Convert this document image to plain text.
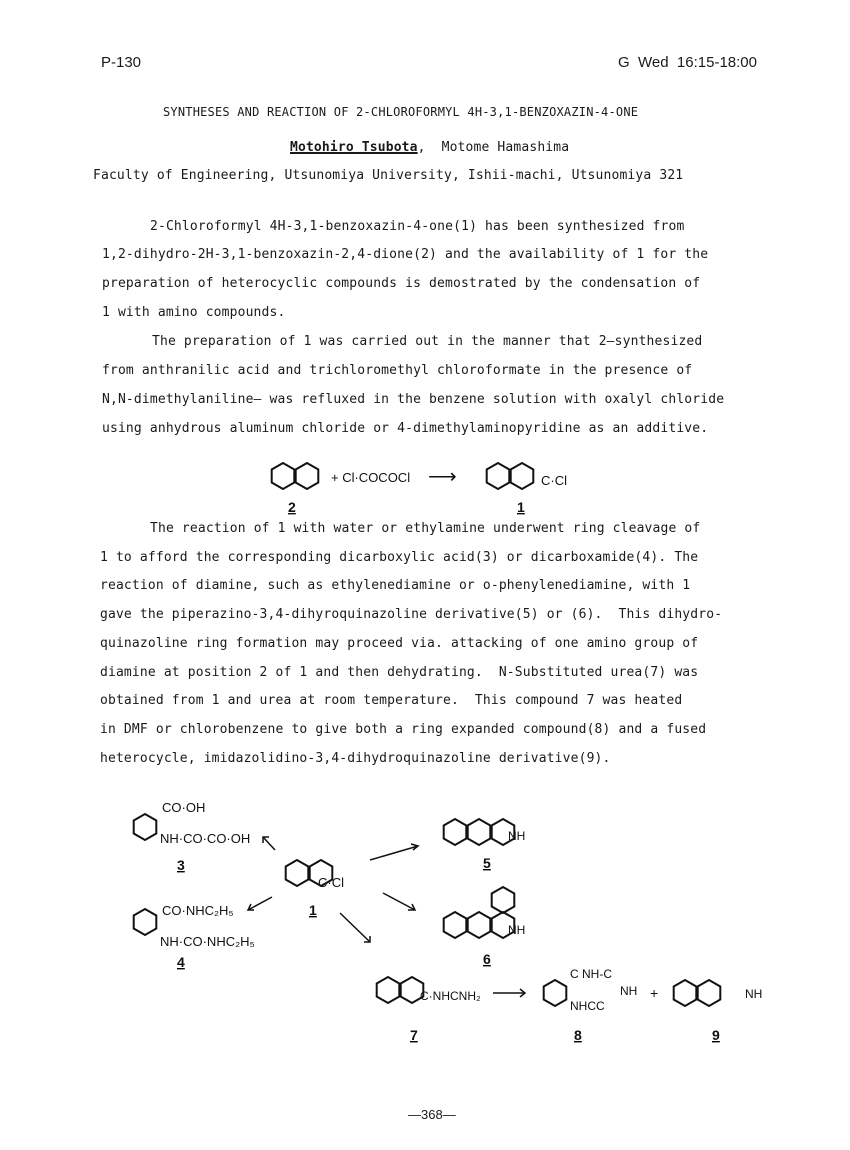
P-130	G  Wed  16:15-18:00
SYNTHESES AND REACTION OF 2-CHLOROFORMYL 4H-3,1-BENZOXAZIN-4-ONE
Motohiro Tsubota, Motome Hamashima
Faculty of Engineering, Utsunomiya University, Ishii-machi, Utsunomiya 321
2-Chloroformyl 4H-3,1-benzoxazin-4-one(1) has been synthesized from
1,2-dihydro-2H-3,1-benzoxazin-2,4-dione(2) and the availability of 1 for the
preparation of heterocyclic compounds is demostrated by the condensation of
1 with amino compounds.
The preparation of 1 was carried out in the manner that 2—synthesized
from anthranilic acid and trichloromethyl chloroformate in the presence of
N,N-dimethylaniline— was refluxed in the benzene solution with oxalyl chloride
using anhydrous aluminum chloride or 4-dimethylaminopyridine as an additive.
The reaction of 1 with water or ethylamine underwent ring cleavage of
1 to afford the corresponding dicarboxylic acid(3) or dicarboxamide(4). The
reaction of diamine, such as ethylenediamine or o-phenylenediamine, with 1
gave the piperazino-3,4-dihyroquinazoline derivative(5) or (6).  This dihydro-
quinazoline ring formation may proceed via. attacking of one amino group of
diamine at position 2 of 1 and then dehydrating.  N-Substituted urea(7) was
obtained from 1 and urea at room temperature.  This compound 7 was heated
in DMF or chlorobenzene to give both a ring expanded compound(8) and a fused
heterocycle, imidazolidino-3,4-dihydroquinazoline derivative(9).
+ Cl·COCOCl ⟶	C·Cl
2	1
CO·OH
NH·CO·CO·OH
CO·NHC₂H₅
NH·CO·NHC₂H₅
C·Cl
NH
NH
C·NHCNH₂
C NH-C
NH
NHCC
+	NH
1
3
4
5
6
7	8	9
—368—
